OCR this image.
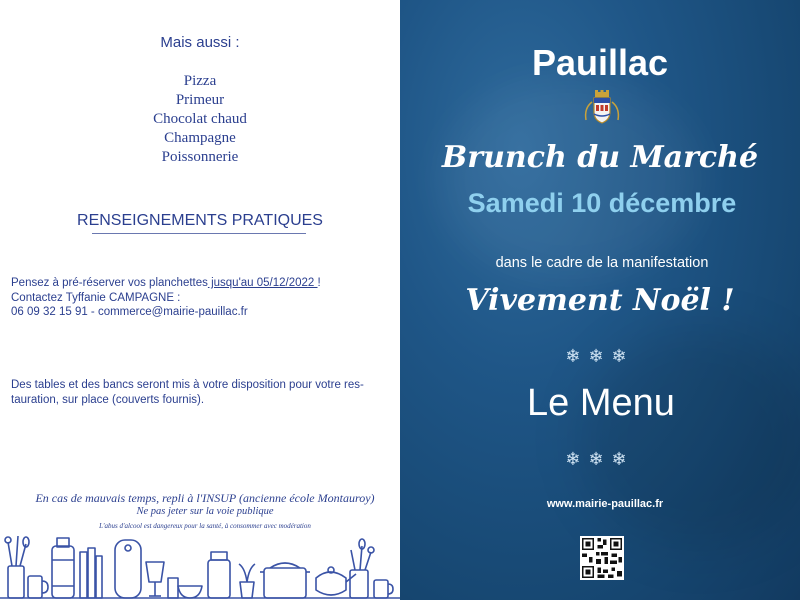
Mais aussi :
Pizza
Primeur
Chocolat chaud
Champagne
Poissonnerie
RENSEIGNEMENTS PRATIQUES
Pensez à pré-réserver vos planchettes jusqu'au 05/12/2022 !
Contactez Tyffanie CAMPAGNE :
06 09 32 15 91 - commerce@mairie-pauillac.fr
Des tables et des bancs seront mis à votre disposition pour votre res-tauration, sur place (couverts fournis).
En cas de mauvais temps, repli à l'INSUP (ancienne école Montauroy)
Ne pas jeter sur la voie publique
L'abus d'alcool est dangereux pour la santé, à consommer avec modération
Pauillac
Brunch du Marché
Samedi 10 décembre
dans le cadre de la manifestation
Vivement Noël !
❄❄❄
Le Menu
❄❄❄
www.mairie-pauillac.fr
